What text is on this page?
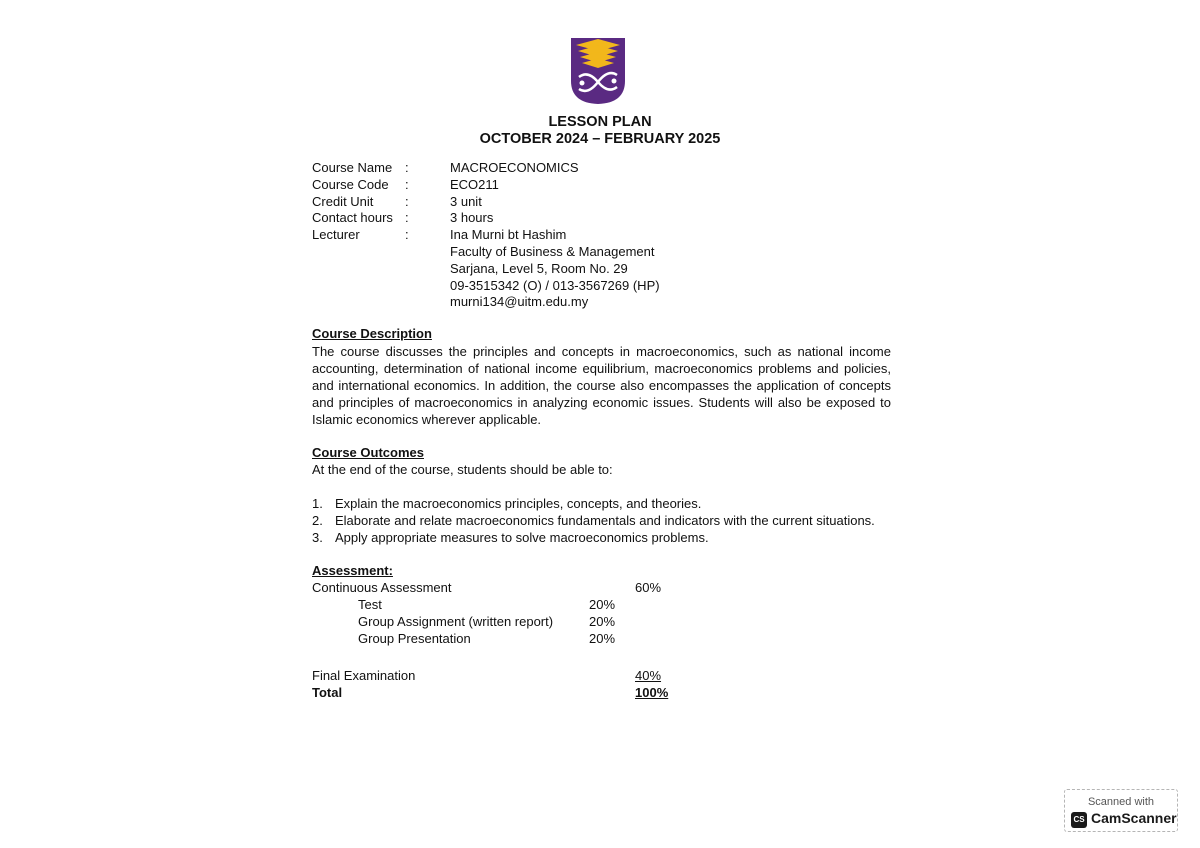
LESSON PLAN
OCTOBER 2024 – FEBRUARY 2025
Course Name :	MACROECONOMICS
Course Code	:	ECO211
Credit Unit	:	3 unit
Contact hours :	3 hours
Lecturer	:	Ina Murni bt Hashim
Faculty of Business & Management
Sarjana, Level 5, Room No. 29
09-3515342 (O) / 013-3567269 (HP)
murni134@uitm.edu.my
Course Description
The course discusses the principles and concepts in macroeconomics, such as national income accounting, determination of national income equilibrium, macroeconomics problems and policies, and international economics. In addition, the course also encompasses the application of concepts and principles of macroeconomics in analyzing economic issues. Students will also be exposed to Islamic economics wherever applicable.
Course Outcomes
At the end of the course, students should be able to:
1. Explain the macroeconomics principles, concepts, and theories.
2. Elaborate and relate macroeconomics fundamentals and indicators with the current situations.
3. Apply appropriate measures to solve macroeconomics problems.
Assessment:
Continuous Assessment	60%
Test	20%
Group Assignment (written report)	20%
Group Presentation	20%
Final Examination	40%
Total	100%
Scanned with
CS CamScanner
